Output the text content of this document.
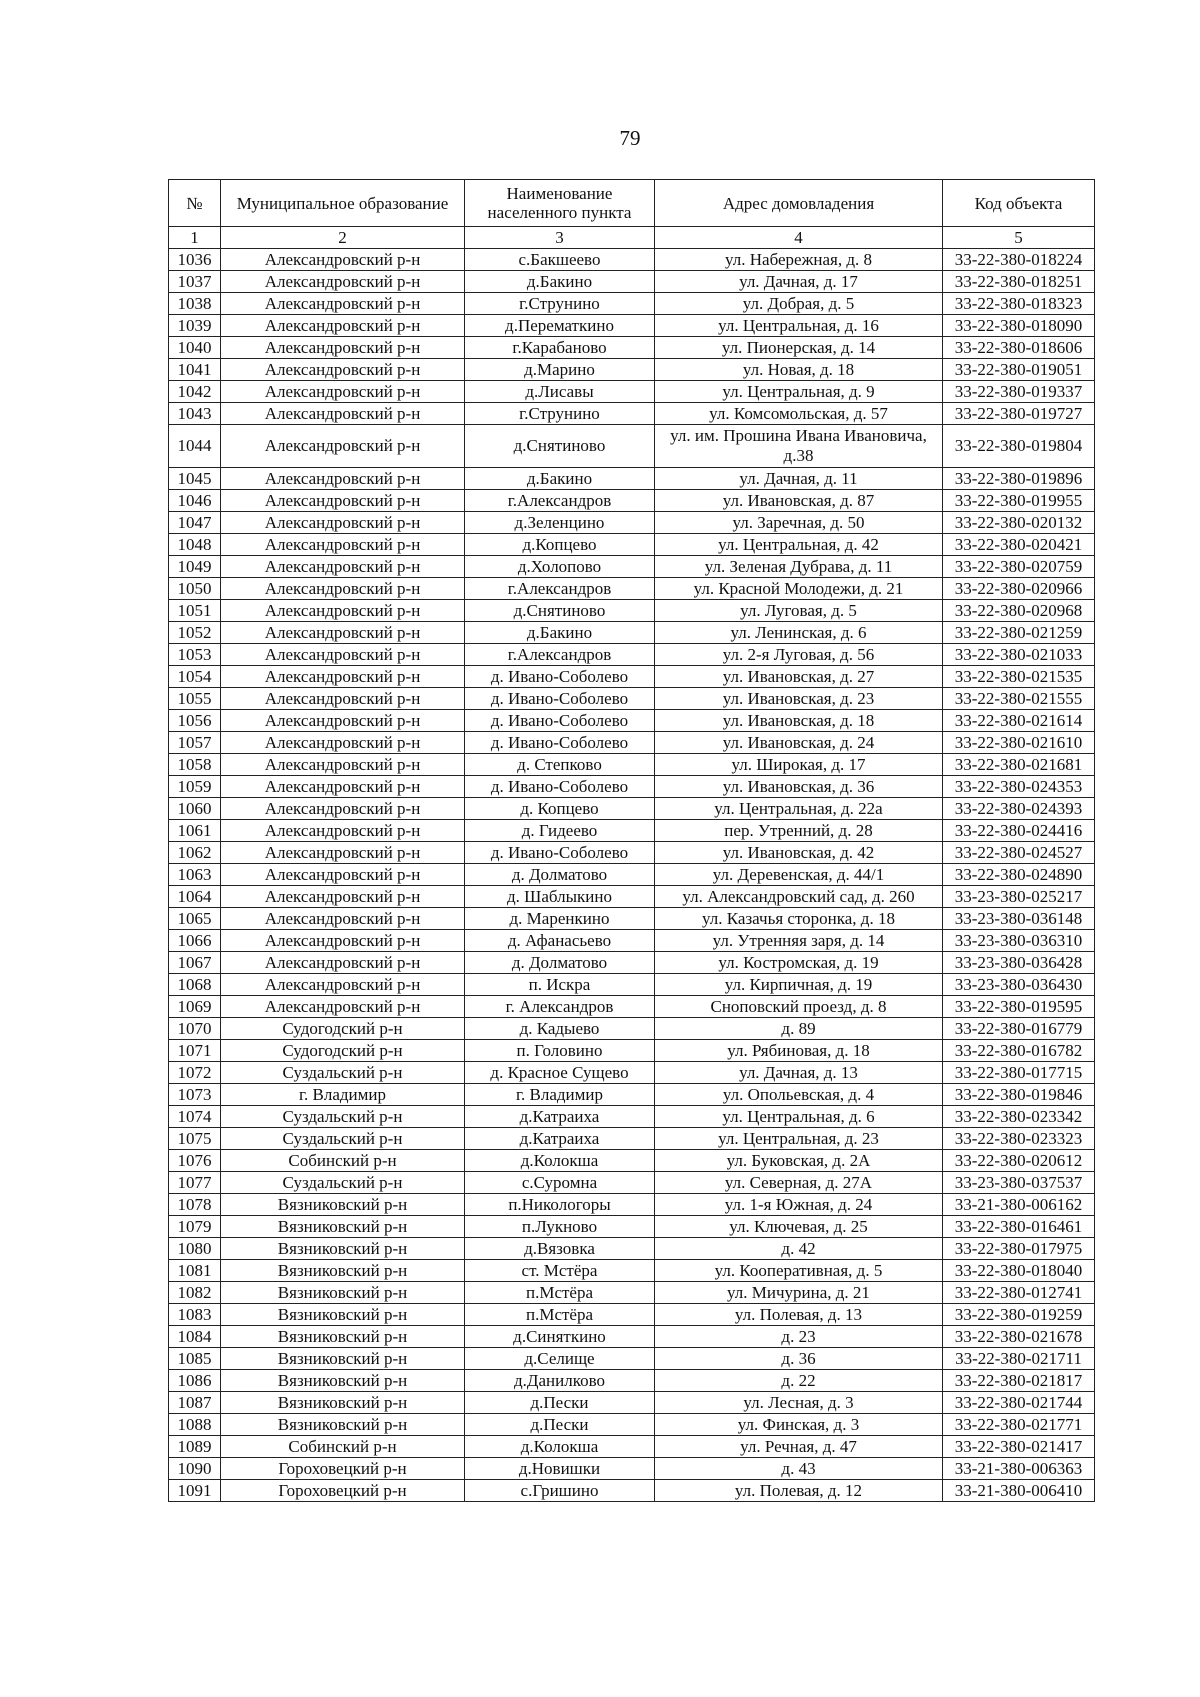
79
№	Муниципальное образование	Наименование населенного пункта	Адрес домовладения	Код объекта
1	2	3	4	5
1036	Александровский р-н	с.Бакшеево	ул. Набережная, д. 8	33-22-380-018224
1037	Александровский р-н	д.Бакино	ул. Дачная, д. 17	33-22-380-018251
1038	Александровский р-н	г.Струнино	ул. Добрая, д. 5	33-22-380-018323
1039	Александровский р-н	д.Перематкино	ул. Центральная, д. 16	33-22-380-018090
1040	Александровский р-н	г.Карабаново	ул. Пионерская, д. 14	33-22-380-018606
1041	Александровский р-н	д.Марино	ул. Новая, д. 18	33-22-380-019051
1042	Александровский р-н	д.Лисавы	ул. Центральная, д. 9	33-22-380-019337
1043	Александровский р-н	г.Струнино	ул. Комсомольская, д. 57	33-22-380-019727
1044	Александровский р-н	д.Снятиново	ул. им. Прошина Ивана Ивановича, д.38	33-22-380-019804
1045	Александровский р-н	д.Бакино	ул. Дачная, д. 11	33-22-380-019896
1046	Александровский р-н	г.Александров	ул. Ивановская, д. 87	33-22-380-019955
1047	Александровский р-н	д.Зеленцино	ул. Заречная, д. 50	33-22-380-020132
1048	Александровский р-н	д.Копцево	ул. Центральная, д. 42	33-22-380-020421
1049	Александровский р-н	д.Холопово	ул. Зеленая Дубрава, д. 11	33-22-380-020759
1050	Александровский р-н	г.Александров	ул. Красной Молодежи, д. 21	33-22-380-020966
1051	Александровский р-н	д.Снятиново	ул. Луговая, д. 5	33-22-380-020968
1052	Александровский р-н	д.Бакино	ул. Ленинская, д. 6	33-22-380-021259
1053	Александровский р-н	г.Александров	ул. 2-я Луговая, д. 56	33-22-380-021033
1054	Александровский р-н	д. Ивано-Соболево	ул. Ивановская, д. 27	33-22-380-021535
1055	Александровский р-н	д. Ивано-Соболево	ул. Ивановская, д. 23	33-22-380-021555
1056	Александровский р-н	д. Ивано-Соболево	ул. Ивановская, д. 18	33-22-380-021614
1057	Александровский р-н	д. Ивано-Соболево	ул. Ивановская, д. 24	33-22-380-021610
1058	Александровский р-н	д. Степково	ул. Широкая, д. 17	33-22-380-021681
1059	Александровский р-н	д. Ивано-Соболево	ул. Ивановская, д. 36	33-22-380-024353
1060	Александровский р-н	д. Копцево	ул. Центральная, д. 22а	33-22-380-024393
1061	Александровский р-н	д. Гидеево	пер. Утренний, д. 28	33-22-380-024416
1062	Александровский р-н	д. Ивано-Соболево	ул. Ивановская, д. 42	33-22-380-024527
1063	Александровский р-н	д. Долматово	ул. Деревенская, д. 44/1	33-22-380-024890
1064	Александровский р-н	д. Шаблыкино	ул. Александровский сад, д. 260	33-23-380-025217
1065	Александровский р-н	д. Маренкино	ул. Казачья сторонка, д. 18	33-23-380-036148
1066	Александровский р-н	д. Афанасьево	ул. Утренняя заря, д. 14	33-23-380-036310
1067	Александровский р-н	д. Долматово	ул. Костромская, д. 19	33-23-380-036428
1068	Александровский р-н	п. Искра	ул. Кирпичная, д. 19	33-23-380-036430
1069	Александровский р-н	г. Александров	Сноповский проезд, д. 8	33-22-380-019595
1070	Судогодский р-н	д. Кадыево	д. 89	33-22-380-016779
1071	Судогодский р-н	п. Головино	ул. Рябиновая, д. 18	33-22-380-016782
1072	Суздальский р-н	д. Красное Сущево	ул. Дачная, д. 13	33-22-380-017715
1073	г. Владимир	г. Владимир	ул. Опольевская, д. 4	33-22-380-019846
1074	Суздальский р-н	д.Катраиха	ул. Центральная, д. 6	33-22-380-023342
1075	Суздальский р-н	д.Катраиха	ул. Центральная, д. 23	33-22-380-023323
1076	Собинский р-н	д.Колокша	ул. Буковская, д. 2А	33-22-380-020612
1077	Суздальский р-н	с.Суромна	ул. Северная, д. 27А	33-23-380-037537
1078	Вязниковский р-н	п.Никологоры	ул. 1-я Южная, д. 24	33-21-380-006162
1079	Вязниковский р-н	п.Лукново	ул. Ключевая, д. 25	33-22-380-016461
1080	Вязниковский р-н	д.Вязовка	д. 42	33-22-380-017975
1081	Вязниковский р-н	ст. Мстёра	ул. Кооперативная, д. 5	33-22-380-018040
1082	Вязниковский р-н	п.Мстёра	ул. Мичурина, д. 21	33-22-380-012741
1083	Вязниковский р-н	п.Мстёра	ул. Полевая, д. 13	33-22-380-019259
1084	Вязниковский р-н	д.Синяткино	д. 23	33-22-380-021678
1085	Вязниковский р-н	д.Селище	д. 36	33-22-380-021711
1086	Вязниковский р-н	д.Данилково	д. 22	33-22-380-021817
1087	Вязниковский р-н	д.Пески	ул. Лесная, д. 3	33-22-380-021744
1088	Вязниковский р-н	д.Пески	ул. Финская, д. 3	33-22-380-021771
1089	Собинский р-н	д.Колокша	ул. Речная, д. 47	33-22-380-021417
1090	Гороховецкий р-н	д.Новишки	д. 43	33-21-380-006363
1091	Гороховецкий р-н	с.Гришино	ул. Полевая, д. 12	33-21-380-006410
